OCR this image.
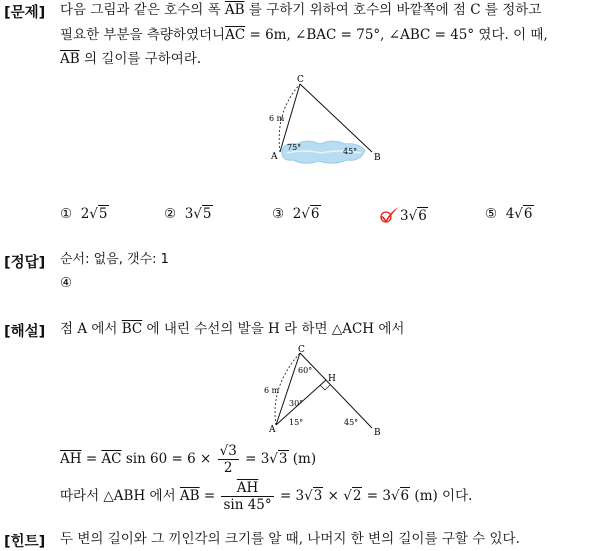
[문제] 다음 그림과 같은 호수의 폭 $\overline{AB}$ 를 구하기 위하여 호수의 바깥쪽에 점 C 를 정하고
필요한 부분을 측량하였더니$\overline{AC} = 6m$, ∠BAC = 75°, ∠ABC = 45° 였다. 이 때,
$\overline{AB}$ 의 길이를 구하여라.
C
A	B
6 m
75°	45°
① 2√5	② 3√5	③ 2√6	3√6	⑤ 4√6
[정답] 순서: 없음, 갯수: 1
④
[해설] 점 A 에서 $\overline{BC}$ 에 내린 수선의 발을 H 라 하면 △ACH 에서
C
H
A	B
6 m
60°
30°
15°	45°
$\overline{AH} = \overline{AC}$ $\sin 60 = 6 \times \frac{√3}{2} = 3√3$ (m)
따라서 △ABH 에서 $\overline{AB} = \frac{\overline{AH}}{\sin 45^\circ} = 3√3 \times √2 = 3√6$ (m) 이다.
[힌트] 두 변의 길이와 그 끼인각의 크기를 알 때, 나머지 한 변의 길이를 구할 수 있다.
